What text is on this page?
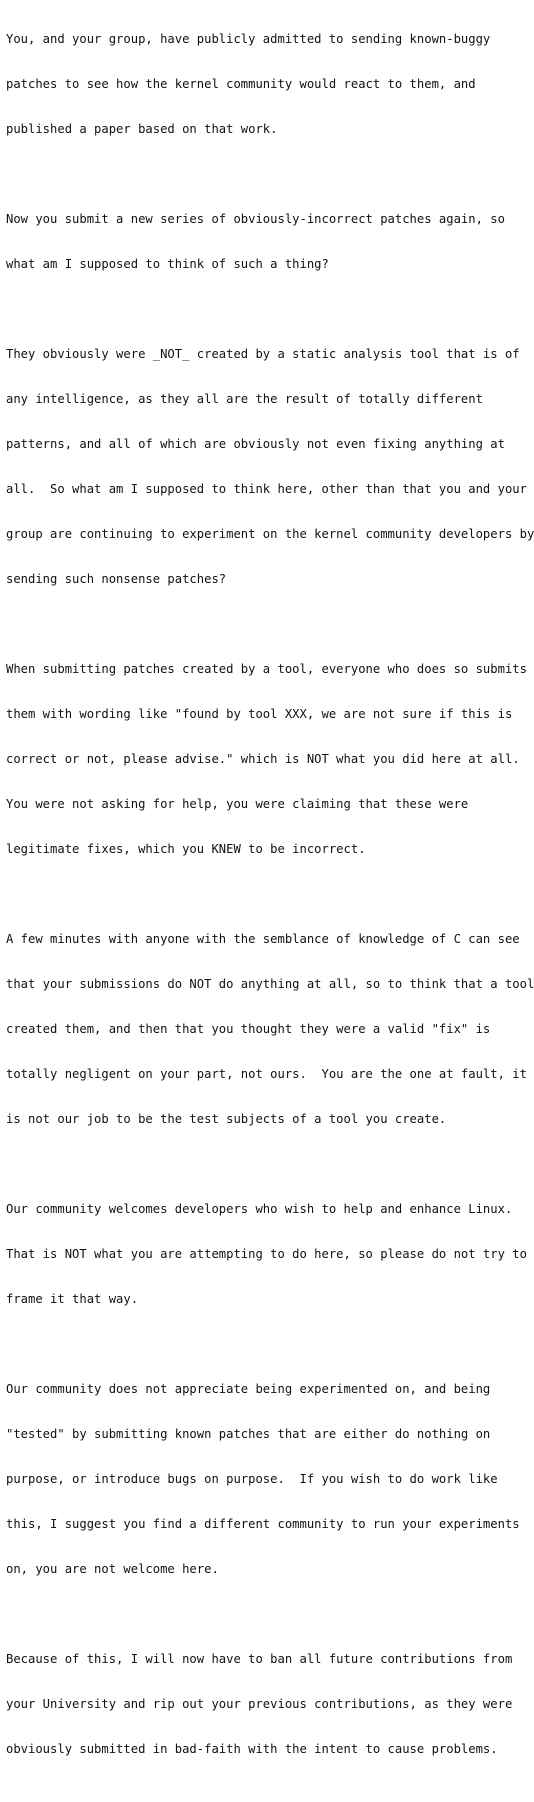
You, and your group, have publicly admitted to sending known-buggy

patches to see how the kernel community would react to them, and

published a paper based on that work.

Now you submit a new series of obviously-incorrect patches again, so

what am I supposed to think of such a thing?

They obviously were _NOT_ created by a static analysis tool that is of

any intelligence, as they all are the result of totally different

patterns, and all of which are obviously not even fixing anything at

all.  So what am I supposed to think here, other than that you and your

group are continuing to experiment on the kernel community developers by

sending such nonsense patches?

When submitting patches created by a tool, everyone who does so submits

them with wording like "found by tool XXX, we are not sure if this is

correct or not, please advise." which is NOT what you did here at all.

You were not asking for help, you were claiming that these were

legitimate fixes, which you KNEW to be incorrect.

A few minutes with anyone with the semblance of knowledge of C can see

that your submissions do NOT do anything at all, so to think that a tool

created them, and then that you thought they were a valid "fix" is

totally negligent on your part, not ours.  You are the one at fault, it

is not our job to be the test subjects of a tool you create.

Our community welcomes developers who wish to help and enhance Linux.

That is NOT what you are attempting to do here, so please do not try to

frame it that way.

Our community does not appreciate being experimented on, and being

"tested" by submitting known patches that are either do nothing on

purpose, or introduce bugs on purpose.  If you wish to do work like

this, I suggest you find a different community to run your experiments

on, you are not welcome here.

Because of this, I will now have to ban all future contributions from

your University and rip out your previous contributions, as they were

obviously submitted in bad-faith with the intent to cause problems.
